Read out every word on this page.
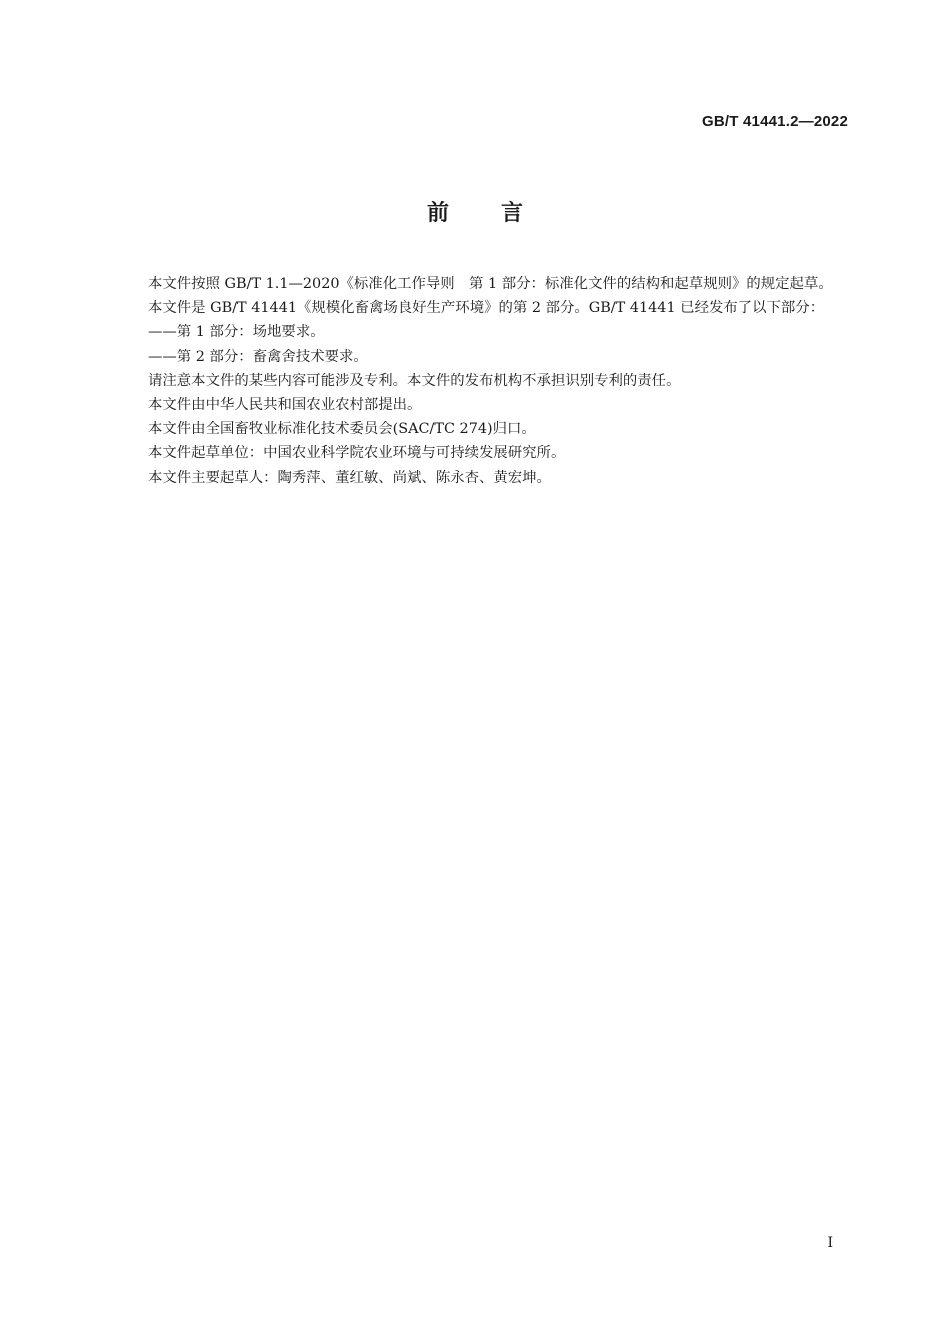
GB/T 41441.2—2022
前言

本文件按照 GB/T 1.1—2020《标准化工作导则　第 1 部分：标准化文件的结构和起草规则》的规定起草。

本文件是 GB/T 41441《规模化畜禽场良好生产环境》的第 2 部分。GB/T 41441 已经发布了以下部分：

——第 1 部分：场地要求。

——第 2 部分：畜禽舍技术要求。

请注意本文件的某些内容可能涉及专利。本文件的发布机构不承担识别专利的责任。

本文件由中华人民共和国农业农村部提出。

本文件由全国畜牧业标准化技术委员会(SAC/TC 274)归口。

本文件起草单位：中国农业科学院农业环境与可持续发展研究所。

本文件主要起草人：陶秀萍、董红敏、尚斌、陈永杏、黄宏坤。

I
